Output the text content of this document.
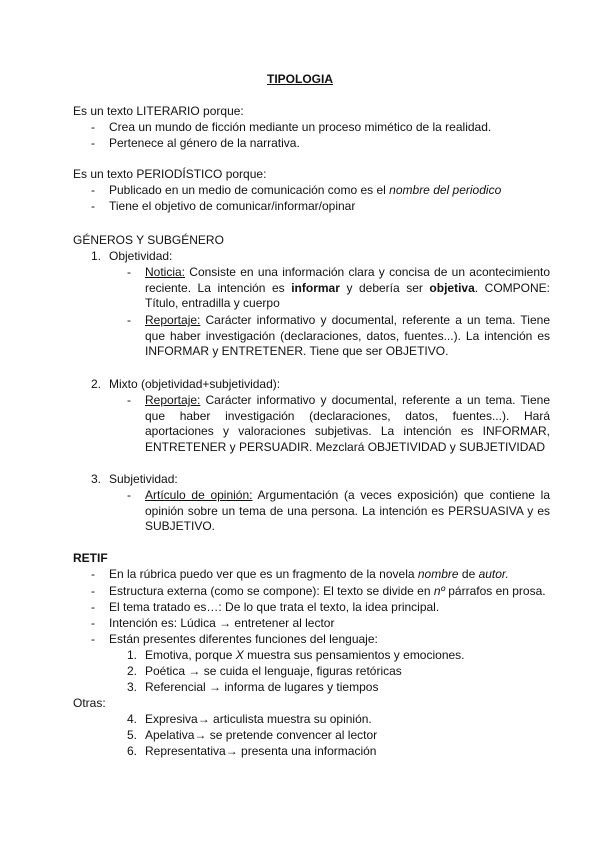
TIPOLOGIA
Es un texto LITERARIO porque:
- Crea un mundo de ficción mediante un proceso mimético de la realidad.
- Pertenece al género de la narrativa.
Es un texto PERIODÍSTICO porque:
- Publicado en un medio de comunicación como es el nombre del periodico
- Tiene el objetivo de comunicar/informar/opinar
GÉNEROS Y SUBGÉNERO
1. Objetividad:
- Noticia: Consiste en una información clara y concisa de un acontecimiento reciente. La intención es informar y debería ser objetiva. COMPONE: Título, entradilla y cuerpo
- Reportaje: Carácter informativo y documental, referente a un tema. Tiene que haber investigación (declaraciones, datos, fuentes...). La intención es INFORMAR y ENTRETENER. Tiene que ser OBJETIVO.
2. Mixto (objetividad+subjetividad):
- Reportaje: Carácter informativo y documental, referente a un tema. Tiene que haber investigación (declaraciones, datos, fuentes...). Hará aportaciones y valoraciones subjetivas. La intención es INFORMAR, ENTRETENER y PERSUADIR. Mezclará OBJETIVIDAD y SUBJETIVIDAD
3. Subjetividad:
- Artículo de opinión: Argumentación (a veces exposición) que contiene la opinión sobre un tema de una persona. La intención es PERSUASIVA y es SUBJETIVO.
RETIF
- En la rúbrica puedo ver que es un fragmento de la novela nombre de autor.
- Estructura externa (como se compone): El texto se divide en nº párrafos en prosa.
- El tema tratado es…: De lo que trata el texto, la idea principal.
- Intención es: Lúdica → entretener al lector
- Están presentes diferentes funciones del lenguaje:
1. Emotiva, porque X muestra sus pensamientos y emociones.
2. Poética → se cuida el lenguaje, figuras retóricas
3. Referencial → informa de lugares y tiempos
Otras:
4. Expresiva→ articulista muestra su opinión.
5. Apelativa→ se pretende convencer al lector
6. Representativa→ presenta una información
